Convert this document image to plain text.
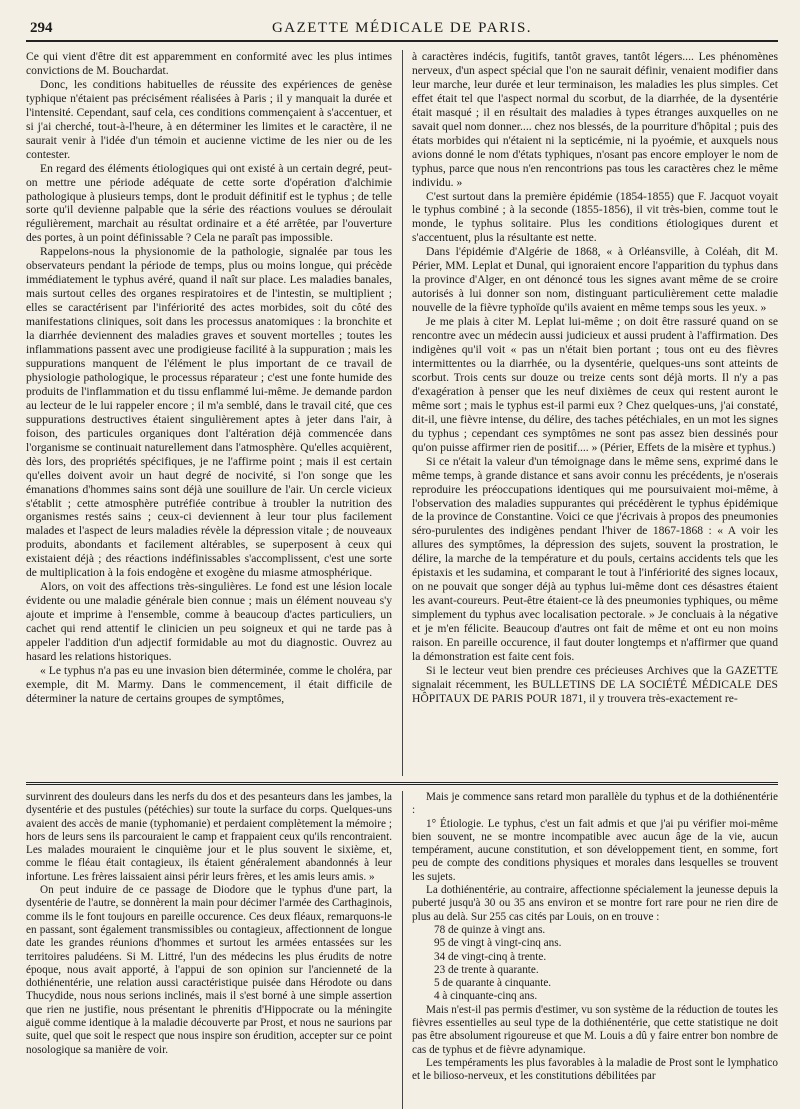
294	GAZETTE MÉDICALE DE PARIS.

Ce qui vient d'être dit est apparemment en conformité avec les plus intimes convictions de M. Bouchardat.

Donc, les conditions habituelles de réussite des expériences de genèse typhique n'étaient pas précisément réalisées à Paris ; il y manquait la durée et l'intensité. Cependant, sauf cela, ces conditions commençaient à s'accentuer, et si j'ai cherché, tout-à-l'heure, à en déterminer les limites et le caractère, il ne saurait venir à l'idée d'un témoin et aucienne victime de les nier ou de les contester.

En regard des éléments étiologiques qui ont existé à un certain degré, peut-on mettre une période adéquate de cette sorte d'opération d'alchimie pathologique à plusieurs temps, dont le produit définitif est le typhus ; de telle sorte qu'il devienne palpable que la série des réactions voulues se déroulait régulièrement, marchait au résultat ordinaire et a été arrêtée, par l'ouverture des portes, à un point définissable ? Cela ne paraît pas impossible.

Rappelons-nous la physionomie de la pathologie, signalée par tous les observateurs pendant la période de temps, plus ou moins longue, qui précède immédiatement le typhus avéré, quand il naît sur place. Les maladies banales, mais surtout celles des organes respiratoires et de l'intestin, se multiplient ; elles se caractérisent par l'infériorité des actes morbides, soit du côté des manifestations cliniques, soit dans les processus anatomiques : la bronchite et la diarrhée deviennent des maladies graves et souvent mortelles ; toutes les inflammations passent avec une prodigieuse facilité à la suppuration ; mais les suppurations manquent de l'élément le plus important de ce travail de physiologie pathologique, le processus réparateur ; c'est une fonte humide des produits de l'inflammation et du tissu enflammé lui-même. Je demande pardon au lecteur de le lui rappeler encore ; il m'a semblé, dans le travail cité, que ces suppurations destructives étaient singulièrement aptes à jeter dans l'air, à foison, des particules organiques dont l'altération déjà commencée dans l'organisme se continuait naturellement dans l'atmosphère. Qu'elles acquièrent, dès lors, des propriétés spécifiques, je ne l'affirme point ; mais il est certain qu'elles doivent avoir un haut degré de nocivité, si l'on songe que les émanations d'hommes sains sont déjà une souillure de l'air. Un cercle vicieux s'établit ; cette atmosphère putréfiée contribue à troubler la nutrition des organismes restés sains ; ceux-ci deviennent à leur tour plus facilement malades et l'aspect de leurs maladies révèle la dépression vitale ; de nouveaux produits, abondants et facilement altérables, se superposent à ceux qui existaient déjà ; des réactions indéfinissables s'accomplissent, c'est une sorte de multiplication à la fois endogène et exogène du miasme atmosphérique.

Alors, on voit des affections très-singulières. Le fond est une lésion locale évidente ou une maladie générale bien connue ; mais un élément nouveau s'y ajoute et imprime à l'ensemble, comme à beaucoup d'actes particuliers, un cachet qui rend attentif le clinicien un peu soigneux et qui ne tarde pas à appeler l'addition d'un adjectif formidable au mot du diagnostic. Ouvrez au hasard les relations historiques.

« Le typhus n'a pas eu une invasion bien déterminée, comme le choléra, par exemple, dit M. Marmy. Dans le commencement, il était difficile de déterminer la nature de certains groupes de symptômes,

à caractères indécis, fugitifs, tantôt graves, tantôt légers.... Les phénomènes nerveux, d'un aspect spécial que l'on ne saurait définir, venaient modifier dans leur marche, leur durée et leur terminaison, les maladies les plus simples. Cet effet était tel que l'aspect normal du scorbut, de la diarrhée, de la dysentérie était masqué ; il en résultait des maladies à types étranges auxquelles on ne savait quel nom donner.... chez nos blessés, de la pourriture d'hôpital ; puis des états morbides qui n'étaient ni la septicémie, ni la pyoémie, et auxquels nous avions donné le nom d'états typhiques, n'osant pas encore employer le nom de typhus, parce que nous n'en rencontrions pas tous les caractères chez le même individu. »

C'est surtout dans la première épidémie (1854-1855) que F. Jacquot voyait le typhus combiné ; à la seconde (1855-1856), il vit très-bien, comme tout le monde, le typhus solitaire. Plus les conditions étiologiques durent et s'accentuent, plus la résultante est nette.

Dans l'épidémie d'Algérie de 1868, « à Orléansville, à Coléah, dit M. Périer, MM. Leplat et Dunal, qui ignoraient encore l'apparition du typhus dans la province d'Alger, en ont dénoncé tous les signes avant même de se croire autorisés à lui donner son nom, distinguant particulièrement cette maladie nouvelle de la fièvre typhoïde qu'ils avaient en même temps sous les yeux. »

Je me plais à citer M. Leplat lui-même ; on doit être rassuré quand on se rencontre avec un médecin aussi judicieux et aussi prudent à l'affirmation. Des indigènes qu'il voit « pas un n'était bien portant ; tous ont eu des fièvres intermittentes ou la diarrhée, ou la dysentérie, quelques-uns sont atteints de scorbut. Trois cents sur douze ou treize cents sont déjà morts. Il n'y a pas d'exagération à penser que les neuf dixièmes de ceux qui restent auront le même sort ; mais le typhus est-il parmi eux ? Chez quelques-uns, j'ai constaté, dit-il, une fièvre intense, du délire, des taches pétéchiales, en un mot les signes du typhus ; cependant ces symptômes ne sont pas assez bien dessinés pour qu'on puisse affirmer rien de positif.... » (Périer, Effets de la misère et typhus.)

Si ce n'était la valeur d'un témoignage dans le même sens, exprimé dans le même temps, à grande distance et sans avoir connu les précédents, je n'oserais reproduire les préoccupations identiques qui me poursuivaient moi-même, à l'observation des maladies suppurantes qui précédèrent le typhus épidémique de la province de Constantine. Voici ce que j'écrivais à propos des pneumonies séro-purulentes des indigènes pendant l'hiver de 1867-1868 : « A voir les allures des symptômes, la dépression des sujets, souvent la prostration, le délire, la marche de la température et du pouls, certains accidents tels que les épistaxis et les sudamina, et comparant le tout à l'infériorité des signes locaux, on ne pouvait que songer déjà au typhus lui-même dont ces désastres étaient les avant-coureurs. Peut-être étaient-ce là des pneumonies typhiques, ou même simplement du typhus avec localisation pectorale. » Je concluais à la négative et je m'en félicite. Beaucoup d'autres ont fait de même et ont eu non moins raison. En pareille occurence, il faut douter longtemps et n'affirmer que quand la démonstration est faite cent fois.

Si le lecteur veut bien prendre ces précieuses Archives que la GAZETTE signalait récemment, les BULLETINS DE LA SOCIÉTÉ MÉDICALE DES HÔPITAUX DE PARIS POUR 1871, il y trouvera très-exactement re-

survinrent des douleurs dans les nerfs du dos et des pesanteurs dans les jambes, la dysentérie et des pustules (pétéchies) sur toute la surface du corps. Quelques-uns avaient des accès de manie (typhomanie) et perdaient complètement la mémoire ; hors de leurs sens ils parcouraient le camp et frappaient ceux qu'ils rencontraient. Les malades mouraient le cinquième jour et le plus souvent le sixième, et, comme le fléau était contagieux, ils étaient généralement abandonnés à leur infortune. Les frères laissaient ainsi périr leurs frères, et les amis leurs amis. »

On peut induire de ce passage de Diodore que le typhus d'une part, la dysentérie de l'autre, se donnèrent la main pour décimer l'armée des Carthaginois, comme ils le font toujours en pareille occurence. Ces deux fléaux, remarquons-le en passant, sont également transmissibles ou contagieux, affectionnent de longue date les grandes réunions d'hommes et surtout les armées entassées sur les territoires paludéens. Si M. Littré, l'un des médecins les plus érudits de notre époque, nous avait apporté, à l'appui de son opinion sur l'ancienneté de la dothiénentérie, une relation aussi caractéristique puisée dans Hérodote ou dans Thucydide, nous nous serions inclinés, mais il s'est borné à une simple assertion que rien ne justifie, nous présentant le phrenitis d'Hippocrate ou la méningite aiguë comme identique à la maladie découverte par Prost, et nous ne saurions par suite, quel que soit le respect que nous inspire son érudition, accepter sur ce point nosologique sa manière de voir.

Mais je commence sans retard mon parallèle du typhus et de la dothiénentérie :

1° Étiologie. Le typhus, c'est un fait admis et que j'ai pu vérifier moi-même bien souvent, ne se montre incompatible avec aucun âge de la vie, aucun tempérament, aucune constitution, et son développement tient, en somme, fort peu de compte des conditions physiques et morales dans lesquelles se trouvent les sujets.

La dothiénentérie, au contraire, affectionne spécialement la jeunesse depuis la puberté jusqu'à 30 ou 35 ans environ et se montre fort rare pour ne rien dire de plus au delà. Sur 255 cas cités par Louis, on en trouve :

78 de quinze à vingt ans.
95 de vingt à vingt-cinq ans.
34 de vingt-cinq à trente.
23 de trente à quarante.
5 de quarante à cinquante.
4 à cinquante-cinq ans.

Mais n'est-il pas permis d'estimer, vu son système de la réduction de toutes les fièvres essentielles au seul type de la dothiénentérie, que cette statistique ne doit pas être absolument rigoureuse et que M. Louis a dû y faire entrer bon nombre de cas de typhus et de fièvre adynamique.

Les tempéraments les plus favorables à la maladie de Prost sont le lymphatico et le bilioso-nerveux, et les constitutions débilitées par
